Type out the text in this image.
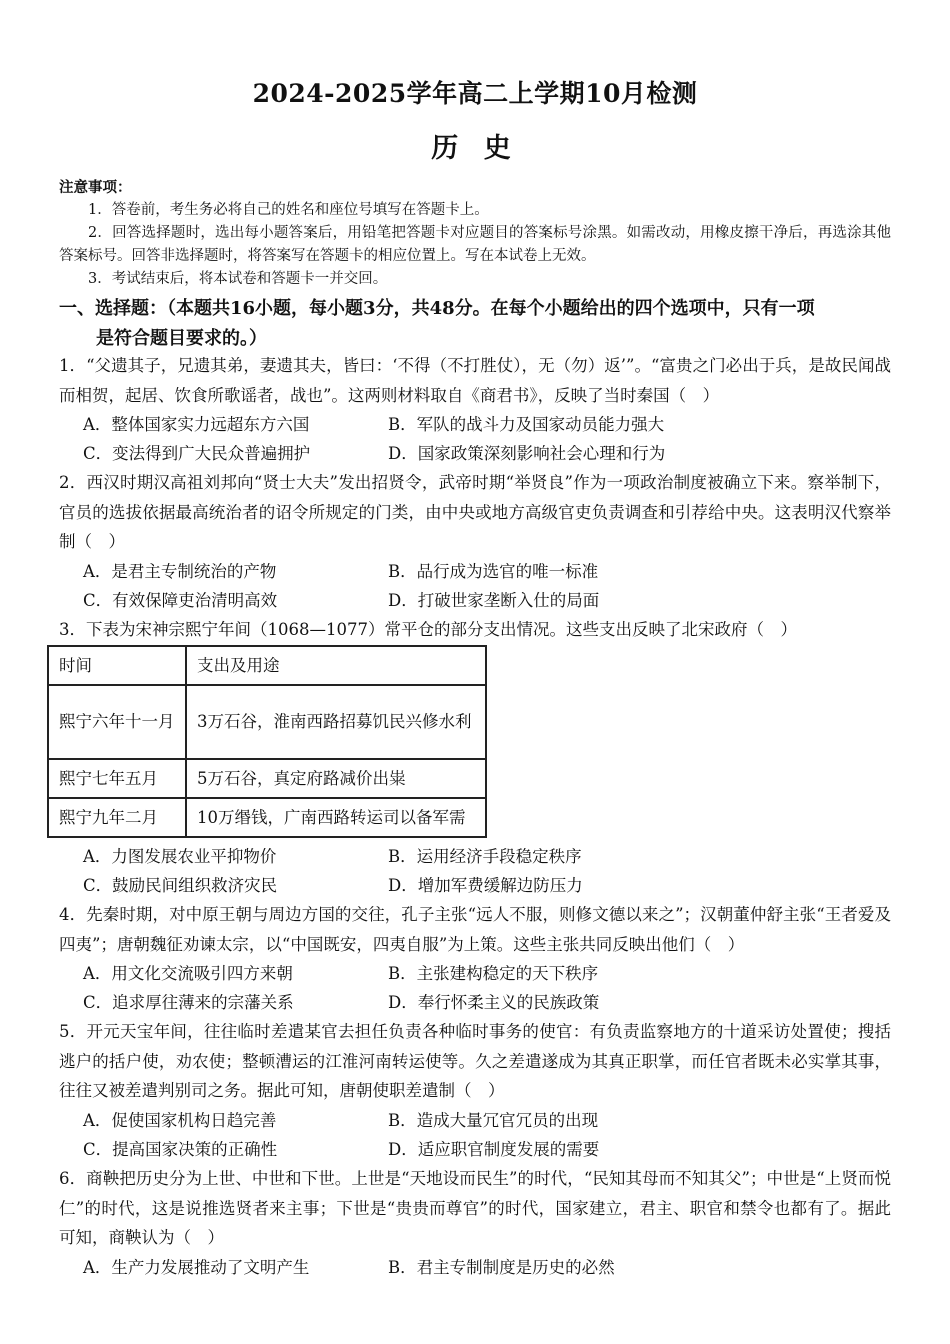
2024-2025学年高二上学期10月检测
历 史
注意事项：

1．答卷前，考生务必将自己的姓名和座位号填写在答题卡上。

2．回答选择题时，选出每小题答案后，用铅笔把答题卡对应题目的答案标号涂黑。如需改动，用橡皮擦干净后，再选涂其他答案标号。回答非选择题时，将答案写在答题卡的相应位置上。写在本试卷上无效。

3．考试结束后，将本试卷和答题卡一并交回。

一、选择题：（本题共16小题，每小题3分，共48分。在每个小题给出的四个选项中，只有一项
是符合题目要求的。）

1．“父遗其子，兄遗其弟，妻遗其夫，皆曰：‘不得（不打胜仗），无（勿）返’”。“富贵之门必出于兵，是故民闻战而相贺，起居、饮食所歌谣者，战也”。这两则材料取自《商君书》，反映了当时秦国（　）

A．整体国家实力远超东方六国	B．军队的战斗力及国家动员能力强大
C．变法得到广大民众普遍拥护	D．国家政策深刻影响社会心理和行为

2．西汉时期汉高祖刘邦向“贤士大夫”发出招贤令，武帝时期“举贤良”作为一项政治制度被确立下来。察举制下，官员的选拔依据最高统治者的诏令所规定的门类，由中央或地方高级官吏负责调查和引荐给中央。这表明汉代察举制（　）

A．是君主专制统治的产物	B．品行成为选官的唯一标准
C．有效保障吏治清明高效	D．打破世家垄断入仕的局面

3．下表为宋神宗熙宁年间（1068—1077）常平仓的部分支出情况。这些支出反映了北宋政府（　）

时间	支出及用途
熙宁六年十一月	3万石谷，淮南西路招募饥民兴修水利
熙宁七年五月	5万石谷，真定府路减价出粜
熙宁九年二月	10万缗钱，广南西路转运司以备军需
A．力图发展农业平抑物价	B．运用经济手段稳定秩序
C．鼓励民间组织救济灾民	D．增加军费缓解边防压力

4．先秦时期，对中原王朝与周边方国的交往，孔子主张“远人不服，则修文德以来之”；汉朝董仲舒主张“王者爱及四夷”；唐朝魏征劝谏太宗，以“中国既安，四夷自服”为上策。这些主张共同反映出他们（　）

A．用文化交流吸引四方来朝	B．主张建构稳定的天下秩序
C．追求厚往薄来的宗藩关系	D．奉行怀柔主义的民族政策

5．开元天宝年间，往往临时差遣某官去担任负责各种临时事务的使官：有负责监察地方的十道采访处置使；搜括逃户的括户使，劝农使；整顿漕运的江淮河南转运使等。久之差遣遂成为其真正职掌，而任官者既未必实掌其事，往往又被差遣判别司之务。据此可知，唐朝使职差遣制（　）

A．促使国家机构日趋完善	B．造成大量冗官冗员的出现
C．提高国家决策的正确性	D．适应职官制度发展的需要

6．商鞅把历史分为上世、中世和下世。上世是“天地设而民生”的时代，“民知其母而不知其父”；中世是“上贤而悦仁”的时代，这是说推选贤者来主事；下世是“贵贵而尊官”的时代，国家建立，君主、职官和禁令也都有了。据此可知，商鞅认为（　）

A．生产力发展推动了文明产生	B．君主专制制度是历史的必然
